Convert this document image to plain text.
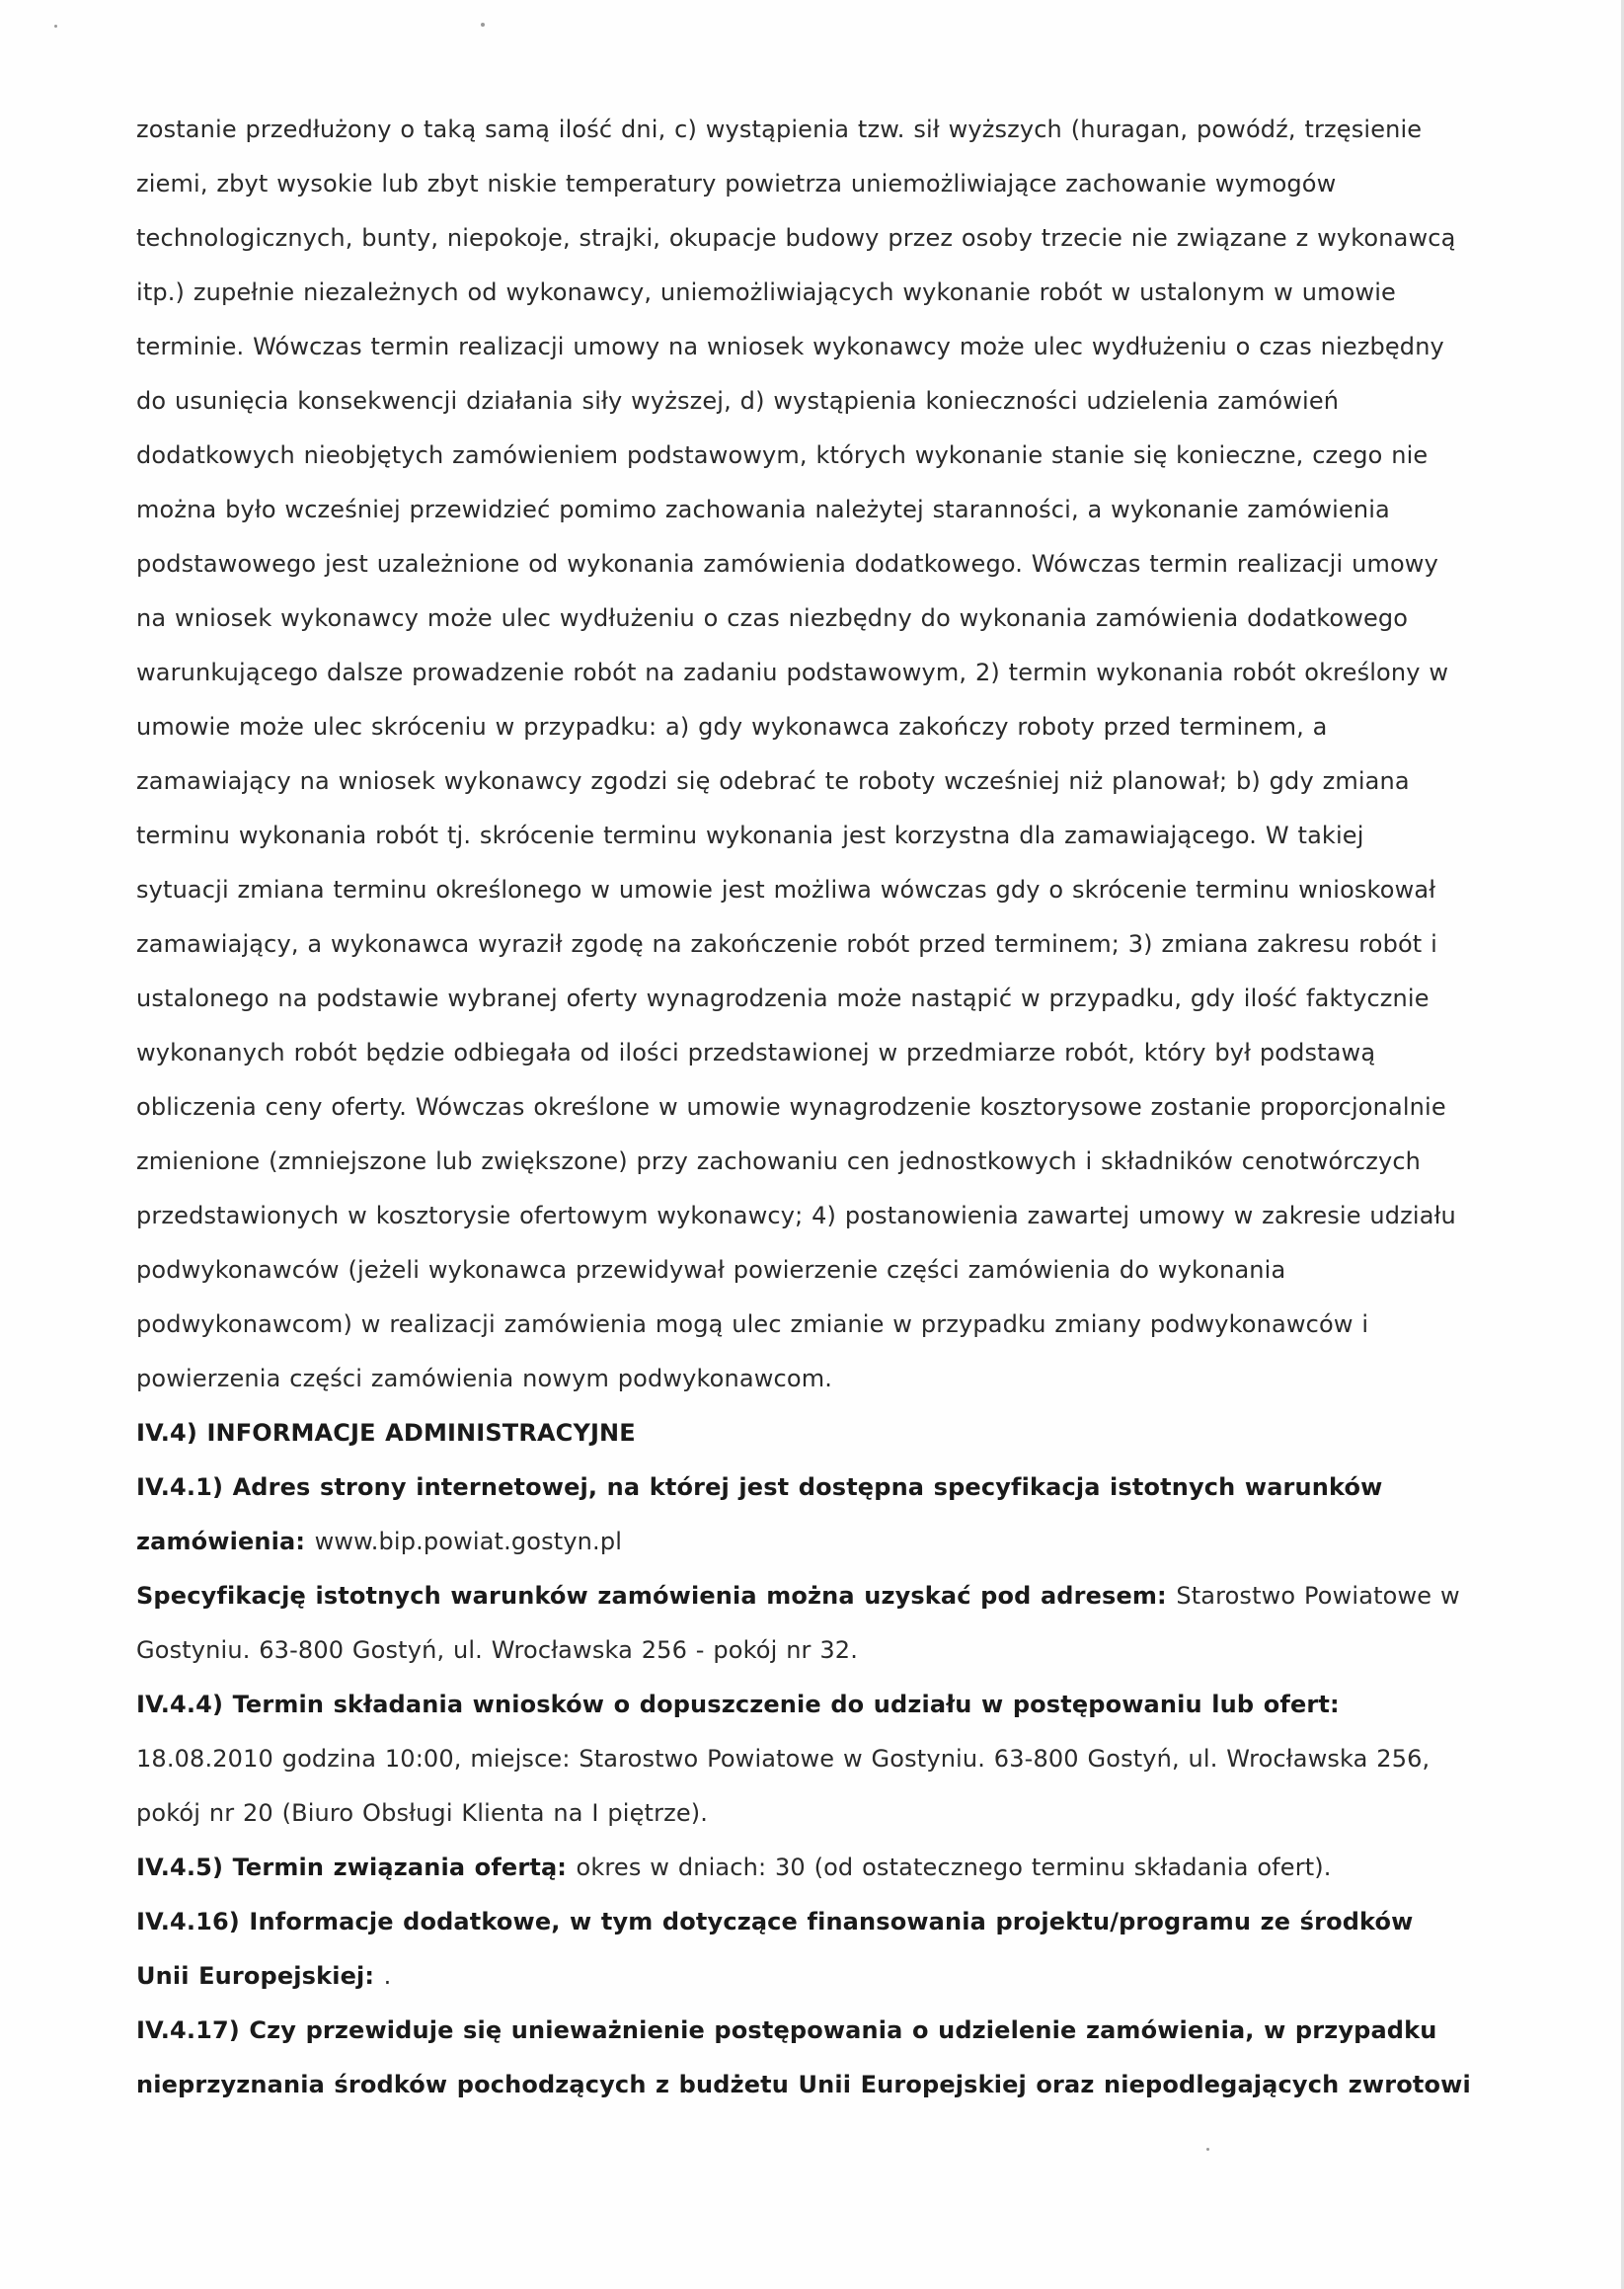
zostanie przedłużony o taką samą ilość dni, c) wystąpienia tzw. sił wyższych (huragan, powódź, trzęsienie
ziemi, zbyt wysokie lub zbyt niskie temperatury powietrza uniemożliwiające zachowanie wymogów
technologicznych, bunty, niepokoje, strajki, okupacje budowy przez osoby trzecie nie związane z wykonawcą
itp.) zupełnie niezależnych od wykonawcy, uniemożliwiających wykonanie robót w ustalonym w umowie
terminie. Wówczas termin realizacji umowy na wniosek wykonawcy może ulec wydłużeniu o czas niezbędny
do usunięcia konsekwencji działania siły wyższej, d) wystąpienia konieczności udzielenia zamówień
dodatkowych nieobjętych zamówieniem podstawowym, których wykonanie stanie się konieczne, czego nie
można było wcześniej przewidzieć pomimo zachowania należytej staranności, a wykonanie zamówienia
podstawowego jest uzależnione od wykonania zamówienia dodatkowego. Wówczas termin realizacji umowy
na wniosek wykonawcy może ulec wydłużeniu o czas niezbędny do wykonania zamówienia dodatkowego
warunkującego dalsze prowadzenie robót na zadaniu podstawowym, 2) termin wykonania robót określony w
umowie może ulec skróceniu w przypadku: a) gdy wykonawca zakończy roboty przed terminem, a
zamawiający na wniosek wykonawcy zgodzi się odebrać te roboty wcześniej niż planował; b) gdy zmiana
terminu wykonania robót tj. skrócenie terminu wykonania jest korzystna dla zamawiającego. W takiej
sytuacji zmiana terminu określonego w umowie jest możliwa wówczas gdy o skrócenie terminu wnioskował
zamawiający, a wykonawca wyraził zgodę na zakończenie robót przed terminem; 3) zmiana zakresu robót i
ustalonego na podstawie wybranej oferty wynagrodzenia może nastąpić w przypadku, gdy ilość faktycznie
wykonanych robót będzie odbiegała od ilości przedstawionej w przedmiarze robót, który był podstawą
obliczenia ceny oferty. Wówczas określone w umowie wynagrodzenie kosztorysowe zostanie proporcjonalnie
zmienione (zmniejszone lub zwiększone) przy zachowaniu cen jednostkowych i składników cenotwórczych
przedstawionych w kosztorysie ofertowym wykonawcy; 4) postanowienia zawartej umowy w zakresie udziału
podwykonawców (jeżeli wykonawca przewidywał powierzenie części zamówienia do wykonania
podwykonawcom) w realizacji zamówienia mogą ulec zmianie w przypadku zmiany podwykonawców i
powierzenia części zamówienia nowym podwykonawcom.
IV.4) INFORMACJE ADMINISTRACYJNE
IV.4.1) Adres strony internetowej, na której jest dostępna specyfikacja istotnych warunków
zamówienia: www.bip.powiat.gostyn.pl
Specyfikację istotnych warunków zamówienia można uzyskać pod adresem: Starostwo Powiatowe w
Gostyniu. 63-800 Gostyń, ul. Wrocławska 256 - pokój nr 32.
IV.4.4) Termin składania wniosków o dopuszczenie do udziału w postępowaniu lub ofert:
18.08.2010 godzina 10:00, miejsce: Starostwo Powiatowe w Gostyniu. 63-800 Gostyń, ul. Wrocławska 256,
pokój nr 20 (Biuro Obsługi Klienta na I piętrze).
IV.4.5) Termin związania ofertą: okres w dniach: 30 (od ostatecznego terminu składania ofert).
IV.4.16) Informacje dodatkowe, w tym dotyczące finansowania projektu/programu ze środków
Unii Europejskiej: .
IV.4.17) Czy przewiduje się unieważnienie postępowania o udzielenie zamówienia, w przypadku
nieprzyznania środków pochodzących z budżetu Unii Europejskiej oraz niepodlegających zwrotowi
